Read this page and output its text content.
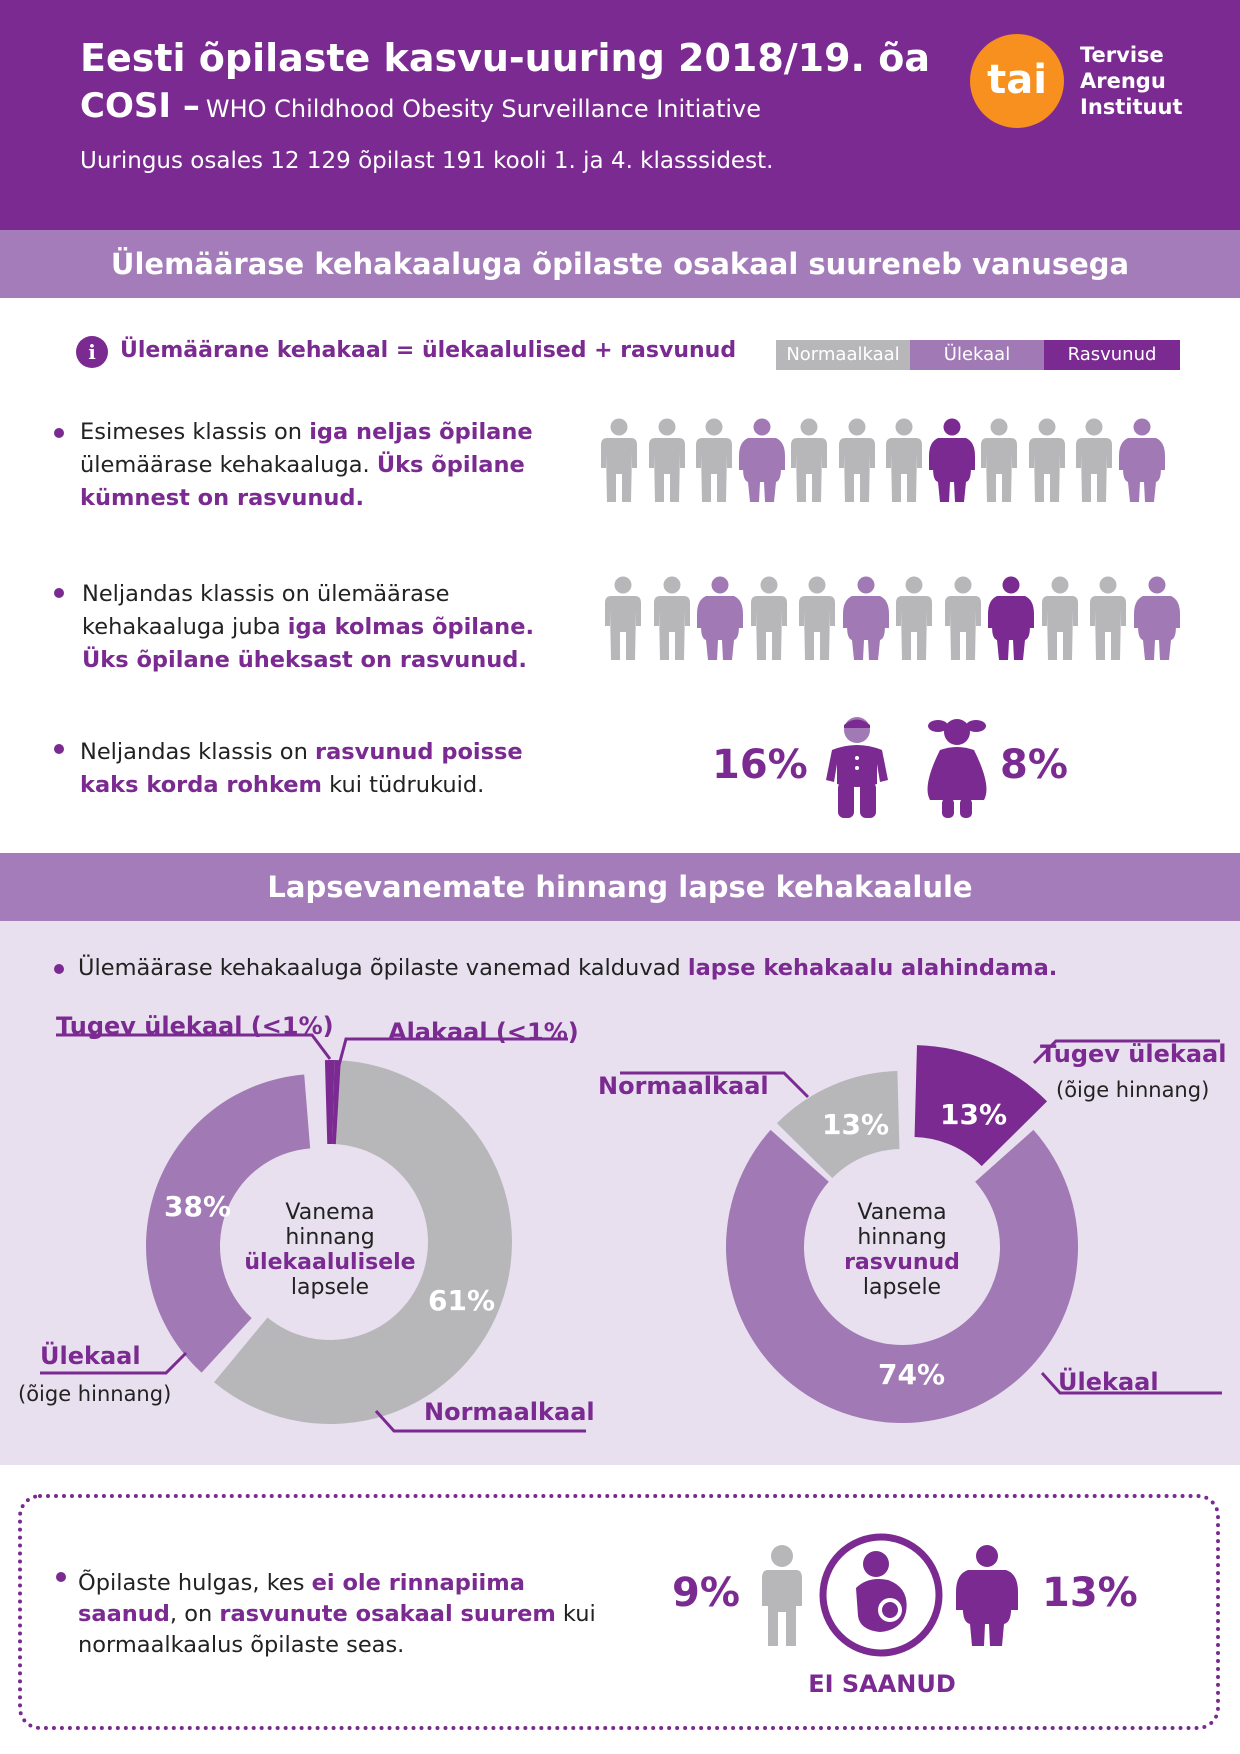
Eesti õpilaste kasvu-uuring 2018/19. õa
COSI – WHO Childhood Obesity Surveillance Initiative
Uuringus osales 12 129 õpilast 191 kooli 1. ja 4. klasssidest.
tai
Tervise
Arengu
Instituut
Ülemäärase kehakaaluga õpilaste osakaal suureneb vanusega
i	Ülemäärane kehakaal = ülekaalulised + rasvunud	Normaalkaal	Ülekaal	Rasvunud
Esimeses klassis on iga neljas õpilane ülemäärase kehakaaluga. Üks õpilane kümnest on rasvunud.
Neljandas klassis on ülemäärase kehakaaluga juba iga kolmas õpilane. Üks õpilane üheksast on rasvunud.
Neljandas klassis on rasvunud poisse kaks korda rohkem kui tüdrukuid.	16%	8%
Lapsevanemate hinnang lapse kehakaalule
Ülemäärase kehakaaluga õpilaste vanemad kalduvad lapse kehakaalu alahindama.
Vanema
hinnang
ülekaalulisele
lapsele	61%
38%
Tugev ülekaal (<1%) Alakaal (<1%)
Ülekaal
(õige hinnang)
Normaalkaal
Vanema
hinnang
rasvunud
lapsele
13%
74%
13%
Tugev ülekaal
(õige hinnang)
Normaalkaal
Ülekaal
Õpilaste hulgas, kes ei ole rinnapiima saanud, on rasvunute osakaal suurem kui normaalkaalus õpilaste seas.
9%	13%
EI SAANUD
